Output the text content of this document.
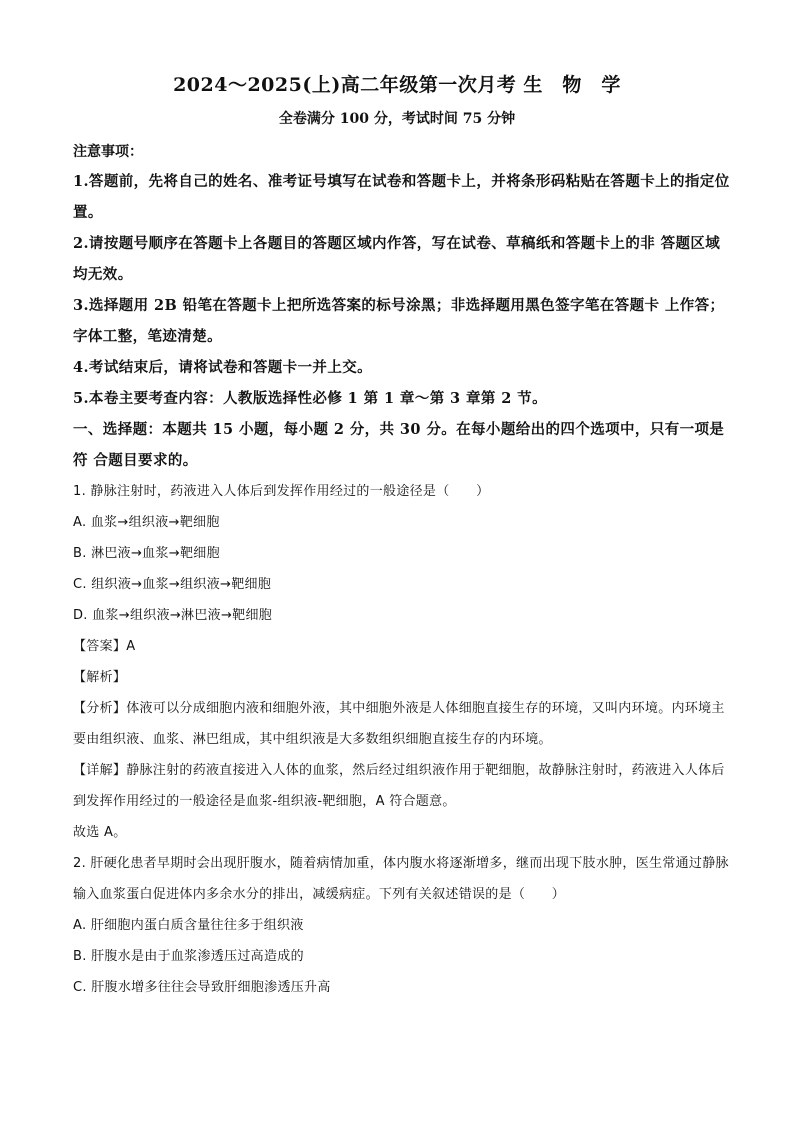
2024～2025(上)高二年级第一次月考 生　物　学
全卷满分 100 分，考试时间 75 分钟
注意事项：
1.答题前，先将自己的姓名、准考证号填写在试卷和答题卡上，并将条形码粘贴在答题卡上的指定位置。
2.请按题号顺序在答题卡上各题目的答题区域内作答，写在试卷、草稿纸和答题卡上的非 答题区域均无效。
3.选择题用 2B 铅笔在答题卡上把所选答案的标号涂黑；非选择题用黑色签字笔在答题卡 上作答；字体工整，笔迹清楚。
4.考试结束后，请将试卷和答题卡一并上交。
5.本卷主要考查内容：人教版选择性必修 1 第 1 章～第 3 章第 2 节。
一、选择题：本题共 15 小题，每小题 2 分，共 30 分。在每小题给出的四个选项中，只有一项是符 合题目要求的。
1. 静脉注射时，药液进入人体后到发挥作用经过的一般途径是（　　）
A. 血浆→组织液→靶细胞
B. 淋巴液→血浆→靶细胞
C. 组织液→血浆→组织液→靶细胞
D. 血浆→组织液→淋巴液→靶细胞
【答案】A
【解析】
【分析】体液可以分成细胞内液和细胞外液，其中细胞外液是人体细胞直接生存的环境，又叫内环境。内环境主要由组织液、血浆、淋巴组成，其中组织液是大多数组织细胞直接生存的内环境。
【详解】静脉注射的药液直接进入人体的血浆，然后经过组织液作用于靶细胞，故静脉注射时，药液进入人体后到发挥作用经过的一般途径是血浆-组织液-靶细胞，A 符合题意。
故选 A。
2. 肝硬化患者早期时会出现肝腹水，随着病情加重，体内腹水将逐渐增多，继而出现下肢水肿，医生常通过静脉输入血浆蛋白促进体内多余水分的排出，减缓病症。下列有关叙述错误的是（　　）
A. 肝细胞内蛋白质含量往往多于组织液
B. 肝腹水是由于血浆渗透压过高造成的
C. 肝腹水增多往往会导致肝细胞渗透压升高
